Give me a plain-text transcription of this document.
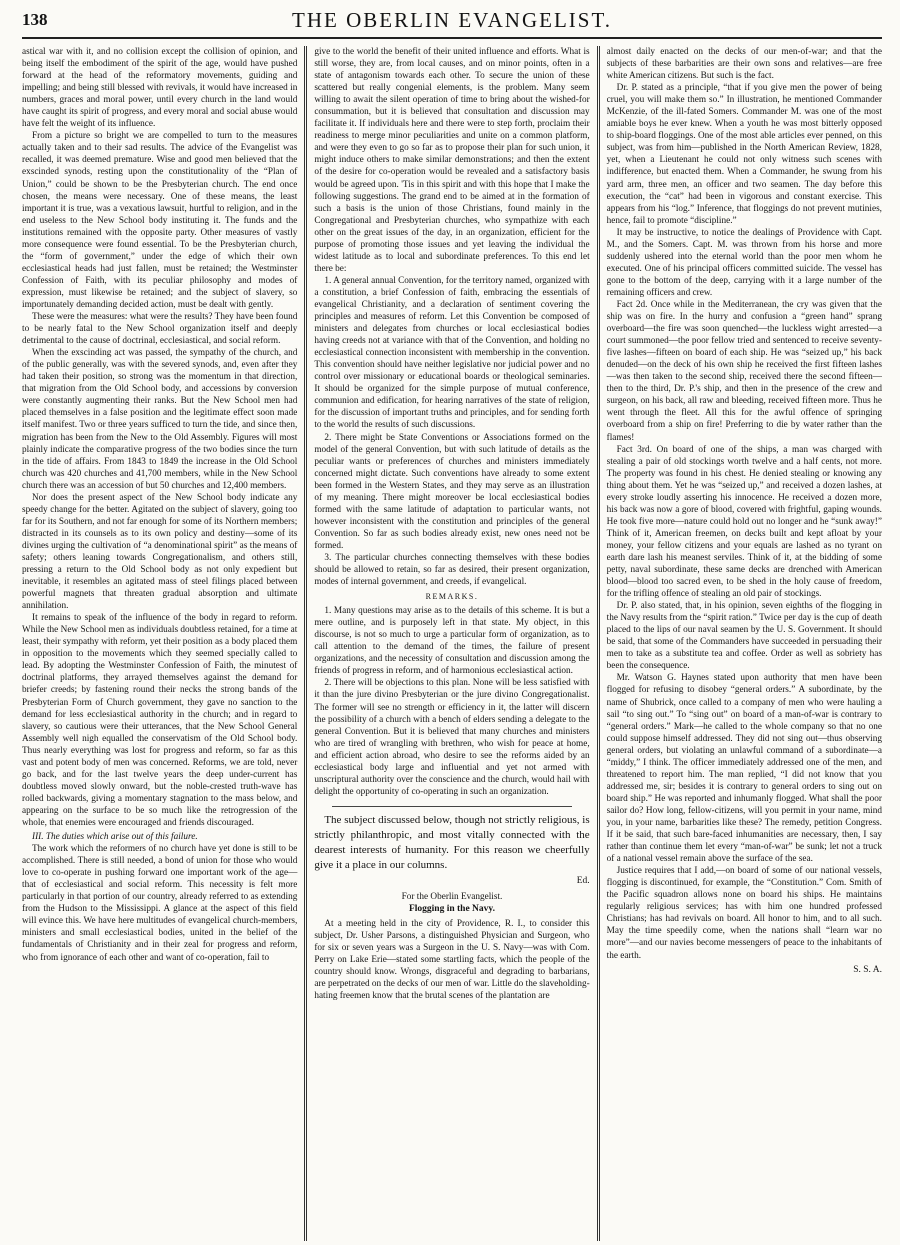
138	THE OBERLIN EVANGELIST.

astical war with it, and no collision except the collision of opinion, and being itself the embodiment of the spirit of the age, would have pushed forward at the head of the reformatory movements, guiding and impelling; and being still blessed with revivals, it would have increased in numbers, graces and moral power, until every church in the land would have caught its spirit of progress, and every moral and social abuse would have felt the weight of its influence.

From a picture so bright we are compelled to turn to the measures actually taken and to their sad results. The advice of the Evangelist was recalled, it was deemed premature. Wise and good men believed that the exscinded synods, resting upon the constitutionality of the “Plan of Union,” could be shown to be the Presbyterian church. The end once chosen, the means were necessary. One of these means, the least important it is true, was a vexatious lawsuit, hurtful to religion, and in the end useless to the New School body instituting it. The funds and the institutions remained with the opposite party. Other measures of vastly more consequence were found essential. To be the Presbyterian church, the “form of government,” under the edge of which their own ecclesiastical heads had just fallen, must be retained; the Westminster Confession of Faith, with its peculiar philosophy and modes of expression, must likewise be retained; and the subject of slavery, so importunately demanding decided action, must be dealt with gently.

These were the measures: what were the results? They have been found to be nearly fatal to the New School organization itself and deeply detrimental to the cause of doctrinal, ecclesiastical, and social reform.

When the exscinding act was passed, the sympathy of the church, and of the public generally, was with the severed synods, and, even after they had taken their position, so strong was the momentum in that direction, that migration from the Old School body, and accessions by conversion were constantly augmenting their ranks. But the New School men had placed themselves in a false position and the legitimate effect soon made itself manifest. Two or three years sufficed to turn the tide, and since then, migration has been from the New to the Old Assembly. Figures will most plainly indicate the comparative progress of the two bodies since the turn in the tide of affairs. From 1843 to 1849 the increase in the Old School church was 420 churches and 41,700 members, while in the New School church there was an accession of but 50 churches and 12,400 members.

Nor does the present aspect of the New School body indicate any speedy change for the better. Agitated on the subject of slavery, going too far for its Southern, and not far enough for some of its Northern members; distracted in its counsels as to its own policy and destiny—some of its divines urging the cultivation of “a denominational spirit” as the means of safety; others leaning towards Congregationalism, and others still, pressing a return to the Old School body as not only expedient but inevitable, it resembles an agitated mass of steel filings placed between powerful magnets that threaten gradual absorption and ultimate annihilation.

It remains to speak of the influence of the body in regard to reform. While the New School men as individuals doubtless retained, for a time at least, their sympathy with reform, yet their position as a body placed them in opposition to the movements which they seemed specially called to lead. By adopting the Westminster Confession of Faith, the minutest of doctrinal platforms, they arrayed themselves against the demand for briefer creeds; by fastening round their necks the strong bands of the Presbyterian Form of Church government, they gave no sanction to the demand for less ecclesiastical authority in the church; and in regard to slavery, so cautious were their utterances, that the New School General Assembly well nigh equalled the conservatism of the Old School body. Thus nearly everything was lost for progress and reform, so far as this vast and potent body of men was concerned. Reforms, we are told, never go back, and for the last twelve years the deep under-current has doubtless moved slowly onward, but the noble-crested truth-wave has rolled backwards, giving a momentary stagnation to the mass below, and appearing on the surface to be so much like the retrogression of the whole, that enemies were encouraged and friends discouraged.

III. The duties which arise out of this failure.

The work which the reformers of no church have yet done is still to be accomplished. There is still needed, a bond of union for those who would love to co-operate in pushing forward one important work of the age—that of ecclesiastical and social reform. This necessity is felt more particularly in that portion of our country, already referred to as extending from the Hudson to the Mississippi. A glance at the aspect of this field will evince this. We have here multitudes of evangelical church-members, ministers and small ecclesiastical bodies, united in the belief of the fundamentals of Christianity and in their zeal for progress and reform, who from ignorance of each other and want of co-operation, fail to

give to the world the benefit of their united influence and efforts. What is still worse, they are, from local causes, and on minor points, often in a state of antagonism towards each other. To secure the union of these scattered but really congenial elements, is the problem. Many seem willing to await the silent operation of time to bring about the wished-for consummation, but it is believed that consultation and discussion may facilitate it. If individuals here and there were to step forth, proclaim their readiness to merge minor peculiarities and unite on a common platform, and were they even to go so far as to propose their plan for such union, it might induce others to make similar demonstrations; and then the extent of the desire for co-operation would be revealed and a satisfactory basis would be agreed upon. 'Tis in this spirit and with this hope that I make the following suggestions. The grand end to be aimed at in the formation of such a basis is the union of those Christians, found mainly in the Congregational and Presbyterian churches, who sympathize with each other on the great issues of the day, in an organization, efficient for the purpose of promoting those issues and yet leaving the individual the widest latitude as to local and subordinate preferences. To this end let there be:

1. A general annual Convention, for the territory named, organized with a constitution, a brief Confession of faith, embracing the essentials of evangelical Christianity, and a declaration of sentiment covering the principles and measures of reform. Let this Convention be composed of ministers and delegates from churches or local ecclesiastical bodies having creeds not at variance with that of the Convention, and holding no ecclesiastical connection inconsistent with membership in the convention. This convention should have neither legislative nor judicial power and no control over missionary or educational boards or theological seminaries. It should be organized for the simple purpose of mutual conference, communion and edification, for hearing narratives of the state of religion, for the discussion of important truths and principles, and for sending forth to the world the results of such discussions.

2. There might be State Conventions or Associations formed on the model of the general Convention, but with such latitude of details as the peculiar wants or preferences of churches and ministers immediately concerned might dictate. Such conventions have already to some extent been formed in the Western States, and they may serve as an illustration of my meaning. There might moreover be local ecclesiastical bodies formed with the same latitude of adaptation to particular wants, not however inconsistent with the constitution and principles of the general Convention. So far as such bodies already exist, new ones need not be formed.

3. The particular churches connecting themselves with these bodies should be allowed to retain, so far as desired, their present organization, modes of internal government, and creeds, if evangelical.

REMARKS.

1. Many questions may arise as to the details of this scheme. It is but a mere outline, and is purposely left in that state. My object, in this discourse, is not so much to urge a particular form of organization, as to call attention to the demand of the times, the failure of present organizations, and the necessity of consultation and discussion among the friends of progress in reform, and of harmonious ecclesiastical action.

2. There will be objections to this plan. None will be less satisfied with it than the jure divino Presbyterian or the jure divino Congregationalist. The former will see no strength or efficiency in it, the latter will discern the possibility of a church with a bench of elders sending a delegate to the general Convention. But it is believed that many churches and ministers who are tired of wrangling with brethren, who wish for peace at home, and efficient action abroad, who desire to see the reforms aided by an ecclesiastical body large and influential and yet not armed with unscriptural authority over the conscience and the church, would hail with delight the opportunity of co-operating in such an organization.

The subject discussed below, though not strictly religious, is strictly philanthropic, and most vitally connected with the dearest interests of humanity. For this reason we cheerfully give it a place in our columns.

Ed.

For the Oberlin Evangelist.

Flogging in the Navy.

At a meeting held in the city of Providence, R. I., to consider this subject, Dr. Usher Parsons, a distinguished Physician and Surgeon, who for six or seven years was a Surgeon in the U. S. Navy—was with Com. Perry on Lake Erie—stated some startling facts, which the people of the country should know. Wrongs, disgraceful and degrading to barbarians, are perpetrated on the decks of our men of war. Little do the slaveholding-hating freemen know that the brutal scenes of the plantation are

almost daily enacted on the decks of our men-of-war; and that the subjects of these barbarities are their own sons and relatives—are free white American citizens. But such is the fact.

Dr. P. stated as a principle, “that if you give men the power of being cruel, you will make them so.” In illustration, he mentioned Commander McKenzie, of the ill-fated Somers. Commander M. was one of the most amiable boys he ever knew. When a youth he was most bitterly opposed to ship-board floggings. One of the most able articles ever penned, on this subject, was from him—published in the North American Review, 1828, yet, when a Lieutenant he could not only witness such scenes with indifference, but enacted them. When a Commander, he swung from his yard arm, three men, an officer and two seamen. The day before this execution, the “cat” had been in vigorous and constant exercise. This appears from his “log.” Inference, that floggings do not prevent mutinies, hence, fail to promote “discipline.”

It may be instructive, to notice the dealings of Providence with Capt. M., and the Somers. Capt. M. was thrown from his horse and more suddenly ushered into the eternal world than the poor men whom he executed. One of his principal officers committed suicide. The vessel has gone to the bottom of the deep, carrying with it a large number of the remaining officers and crew.

Fact 2d. Once while in the Mediterranean, the cry was given that the ship was on fire. In the hurry and confusion a “green hand” sprang overboard—the fire was soon quenched—the luckless wight arrested—a court summoned—the poor fellow tried and sentenced to receive seventy-five lashes—fifteen on board of each ship. He was “seized up,” his back denuded—on the deck of his own ship he received the first fifteen lashes—was then taken to the second ship, received there the second fifteen—then to the third, Dr. P.'s ship, and then in the presence of the crew and surgeon, on his back, all raw and bleeding, received fifteen more. Thus he went through the fleet. All this for the awful offence of springing overboard from a ship on fire! Preferring to die by water rather than the flames!

Fact 3rd. On board of one of the ships, a man was charged with stealing a pair of old stockings worth twelve and a half cents, not more. The property was found in his chest. He denied stealing or knowing any thing about them. Yet he was “seized up,” and received a dozen lashes, at every stroke loudly asserting his innocence. He received a dozen more, his back was now a gore of blood, covered with frightful, gaping wounds. He took five more—nature could hold out no longer and he “sunk away!” Think of it, American freemen, on decks built and kept afloat by your money, your fellow citizens and your equals are lashed as no tyrant on earth dare lash his meanest serviles. Think of it, at the bidding of some petty, naval subordinate, these same decks are drenched with American blood—blood too sacred even, to be shed in the holy cause of freedom, for the trifling offence of stealing an old pair of stockings.

Dr. P. also stated, that, in his opinion, seven eighths of the flogging in the Navy results from the “spirit ration.” Twice per day is the cup of death placed to the lips of our naval seamen by the U. S. Government. It should be said, that some of the Commanders have succeeded in persuading their men to take as a substitute tea and coffee. Order as well as sobriety has been the consequence.

Mr. Watson G. Haynes stated upon authority that men have been flogged for refusing to disobey “general orders.” A subordinate, by the name of Shubrick, once called to a company of men who were hauling a sail “to sing out.” To “sing out” on board of a man-of-war is contrary to “general orders.” Mark—he called to the whole company so that no one could suppose himself addressed. They did not sing out—thus observing general orders, but violating an unlawful command of a subordinate—a “middy,” I think. The officer immediately addressed one of the men, and threatened to report him. The man replied, “I did not know that you addressed me, sir; besides it is contrary to general orders to sing out on board ship.” He was reported and inhumanly flogged. What shall the poor sailor do? How long, fellow-citizens, will you permit in your name, mind you, in your name, barbarities like these? The remedy, petition Congress. If it be said, that such bare-faced inhumanities are necessary, then, I say rather than continue them let every “man-of-war” be sunk; let not a truck of a national vessel remain above the surface of the sea.

Justice requires that I add,—on board of some of our national vessels, flogging is discontinued, for example, the “Constitution.” Com. Smith of the Pacific squadron allows none on board his ships. He maintains regularly religious services; has with him one hundred professed Christians; has had revivals on board. All honor to him, and to all such. May the time speedily come, when the nations shall “learn war no more”—and our navies become messengers of peace to the inhabitants of the earth.

S. S. A.
